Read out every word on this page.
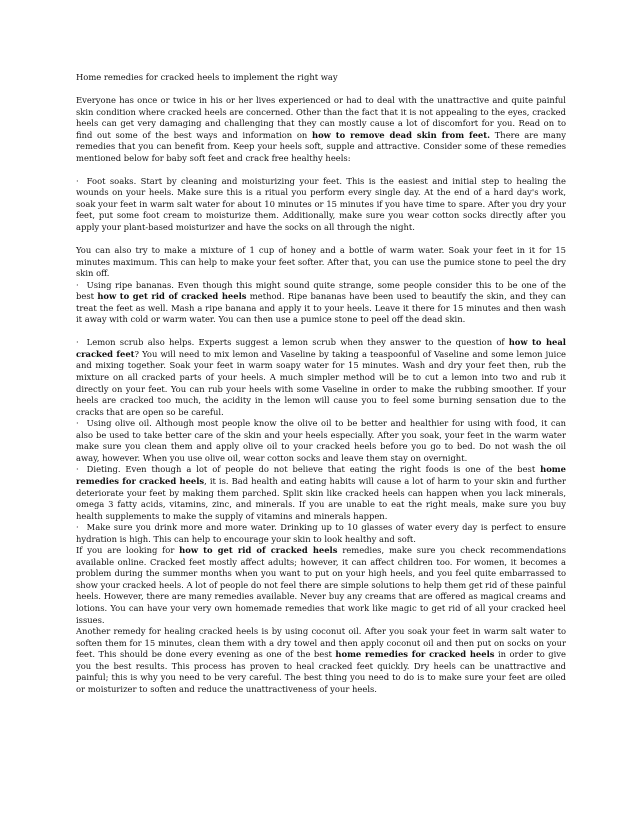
Home remedies for cracked heels to implement the right way

Everyone has once or twice in his or her lives experienced or had to deal with the unattractive and quite painful skin condition where cracked heels are concerned. Other than the fact that it is not appealing to the eyes, cracked heels can get very damaging and challenging that they can mostly cause a lot of discomfort for you. Read on to find out some of the best ways and information on how to remove dead skin from feet. There are many remedies that you can benefit from. Keep your heels soft, supple and attractive. Consider some of these remedies mentioned below for baby soft feet and crack free healthy heels:

· Foot soaks. Start by cleaning and moisturizing your feet. This is the easiest and initial step to healing the wounds on your heels. Make sure this is a ritual you perform every single day. At the end of a hard day's work, soak your feet in warm salt water for about 10 minutes or 15 minutes if you have time to spare. After you dry your feet, put some foot cream to moisturize them. Additionally, make sure you wear cotton socks directly after you apply your plant-based moisturizer and have the socks on all through the night.

You can also try to make a mixture of 1 cup of honey and a bottle of warm water. Soak your feet in it for 15 minutes maximum. This can help to make your feet softer. After that, you can use the pumice stone to peel the dry skin off.

· Using ripe bananas. Even though this might sound quite strange, some people consider this to be one of the best how to get rid of cracked heels method. Ripe bananas have been used to beautify the skin, and they can treat the feet as well. Mash a ripe banana and apply it to your heels. Leave it there for 15 minutes and then wash it away with cold or warm water. You can then use a pumice stone to peel off the dead skin.

· Lemon scrub also helps. Experts suggest a lemon scrub when they answer to the question of how to heal cracked feet? You will need to mix lemon and Vaseline by taking a teaspoonful of Vaseline and some lemon juice and mixing together. Soak your feet in warm soapy water for 15 minutes. Wash and dry your feet then, rub the mixture on all cracked parts of your heels. A much simpler method will be to cut a lemon into two and rub it directly on your feet. You can rub your heels with some Vaseline in order to make the rubbing smoother. If your heels are cracked too much, the acidity in the lemon will cause you to feel some burning sensation due to the cracks that are open so be careful.

· Using olive oil. Although most people know the olive oil to be better and healthier for using with food, it can also be used to take better care of the skin and your heels especially. After you soak, your feet in the warm water make sure you clean them and apply olive oil to your cracked heels before you go to bed. Do not wash the oil away, however. When you use olive oil, wear cotton socks and leave them stay on overnight.

· Dieting. Even though a lot of people do not believe that eating the right foods is one of the best home remedies for cracked heels, it is. Bad health and eating habits will cause a lot of harm to your skin and further deteriorate your feet by making them parched. Split skin like cracked heels can happen when you lack minerals, omega 3 fatty acids, vitamins, zinc, and minerals. If you are unable to eat the right meals, make sure you buy health supplements to make the supply of vitamins and minerals happen.

· Make sure you drink more and more water. Drinking up to 10 glasses of water every day is perfect to ensure hydration is high. This can help to encourage your skin to look healthy and soft.

If you are looking for how to get rid of cracked heels remedies, make sure you check recommendations available online. Cracked feet mostly affect adults; however, it can affect children too. For women, it becomes a problem during the summer months when you want to put on your high heels, and you feel quite embarrassed to show your cracked heels. A lot of people do not feel there are simple solutions to help them get rid of these painful heels. However, there are many remedies available. Never buy any creams that are offered as magical creams and lotions. You can have your very own homemade remedies that work like magic to get rid of all your cracked heel issues.

Another remedy for healing cracked heels is by using coconut oil. After you soak your feet in warm salt water to soften them for 15 minutes, clean them with a dry towel and then apply coconut oil and then put on socks on your feet. This should be done every evening as one of the best home remedies for cracked heels in order to give you the best results. This process has proven to heal cracked feet quickly. Dry heels can be unattractive and painful; this is why you need to be very careful. The best thing you need to do is to make sure your feet are oiled or moisturizer to soften and reduce the unattractiveness of your heels.
